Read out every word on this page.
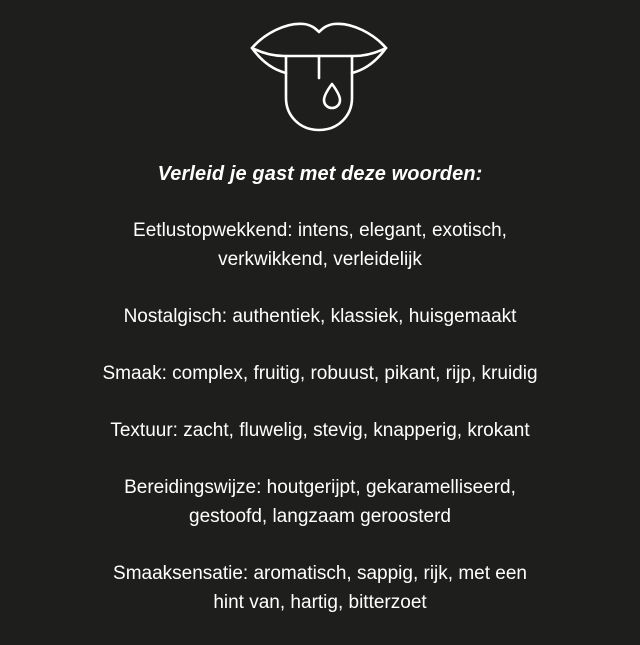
Verleid je gast met deze woorden:

Eetlustopwekkend: intens, elegant, exotisch,
verkwikkend, verleidelijk
Nostalgisch: authentiek, klassiek, huisgemaakt
Smaak: complex, fruitig, robuust, pikant, rijp, kruidig
Textuur: zacht, fluwelig, stevig, knapperig, krokant
Bereidingswijze: houtgerijpt, gekaramelliseerd,
gestoofd, langzaam geroosterd
Smaaksensatie: aromatisch, sappig, rijk, met een
hint van, hartig, bitterzoet
